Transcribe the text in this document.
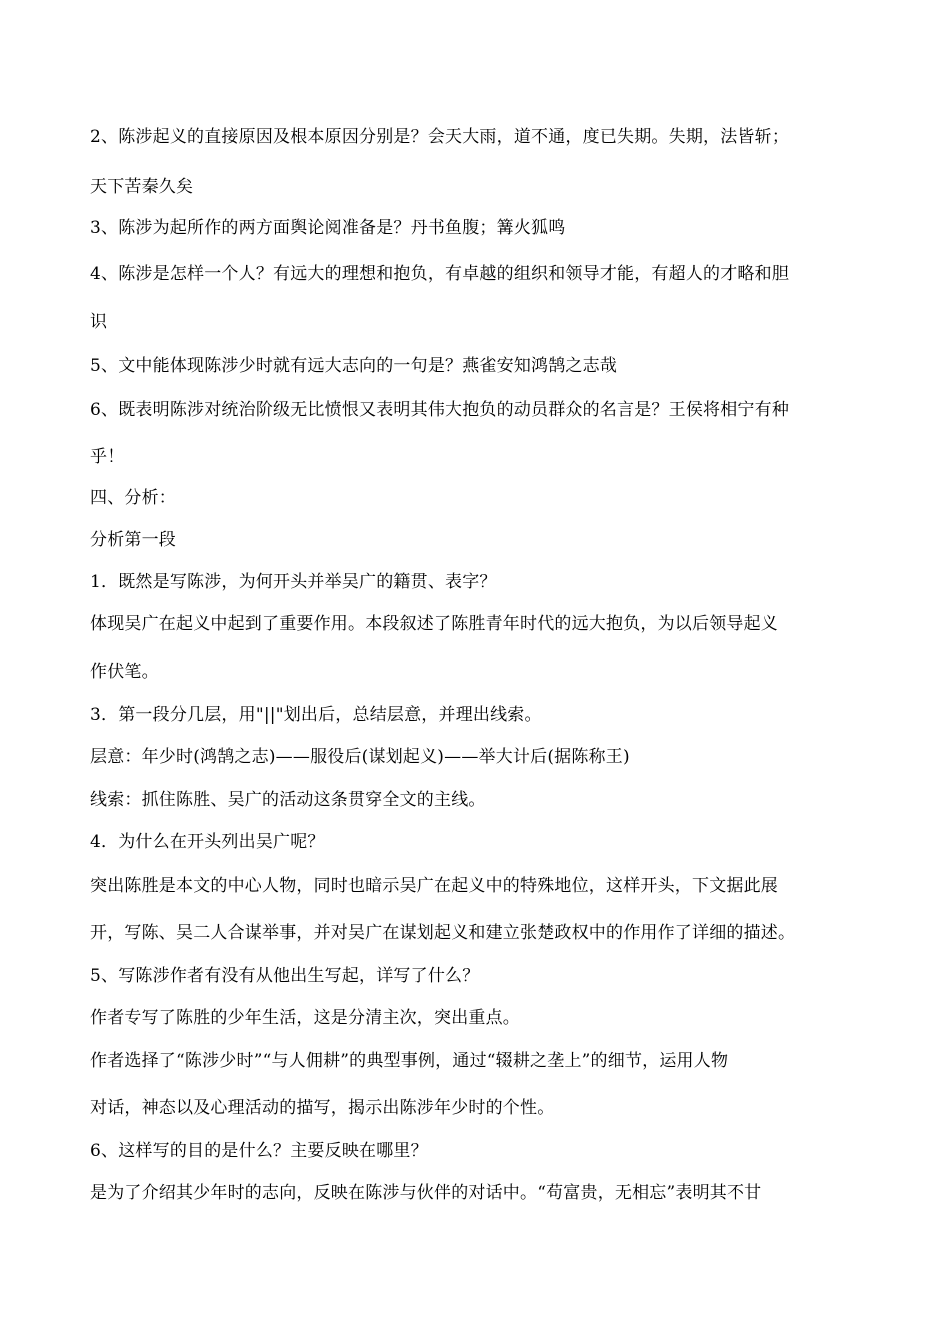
2、陈涉起义的直接原因及根本原因分别是？会天大雨，道不通，度已失期。失期，法皆斩；
天下苦秦久矣
3、陈涉为起所作的两方面舆论阅准备是？丹书鱼腹；篝火狐鸣
4、陈涉是怎样一个人？有远大的理想和抱负，有卓越的组织和领导才能，有超人的才略和胆
识
5、文中能体现陈涉少时就有远大志向的一句是？燕雀安知鸿鹄之志哉
6、既表明陈涉对统治阶级无比愤恨又表明其伟大抱负的动员群众的名言是？王侯将相宁有种
乎！
四、分析：
分析第一段
1．既然是写陈涉，为何开头并举吴广的籍贯、表字？
体现吴广在起义中起到了重要作用。本段叙述了陈胜青年时代的远大抱负，为以后领导起义
作伏笔。
3．第一段分几层，用"||"划出后，总结层意，并理出线索。
层意：年少时(鸿鹄之志)——服役后(谋划起义)——举大计后(据陈称王)
线索：抓住陈胜、吴广的活动这条贯穿全文的主线。
4．为什么在开头列出吴广呢？
突出陈胜是本文的中心人物，同时也暗示吴广在起义中的特殊地位，这样开头，下文据此展
开，写陈、吴二人合谋举事，并对吴广在谋划起义和建立张楚政权中的作用作了详细的描述。
5、写陈涉作者有没有从他出生写起，详写了什么？
作者专写了陈胜的少年生活，这是分清主次，突出重点。
作者选择了“陈涉少时”“与人佣耕”的典型事例，通过“辍耕之垄上”的细节，运用人物
对话，神态以及心理活动的描写，揭示出陈涉年少时的个性。
6、这样写的目的是什么？主要反映在哪里？
是为了介绍其少年时的志向，反映在陈涉与伙伴的对话中。“苟富贵，无相忘”表明其不甘
